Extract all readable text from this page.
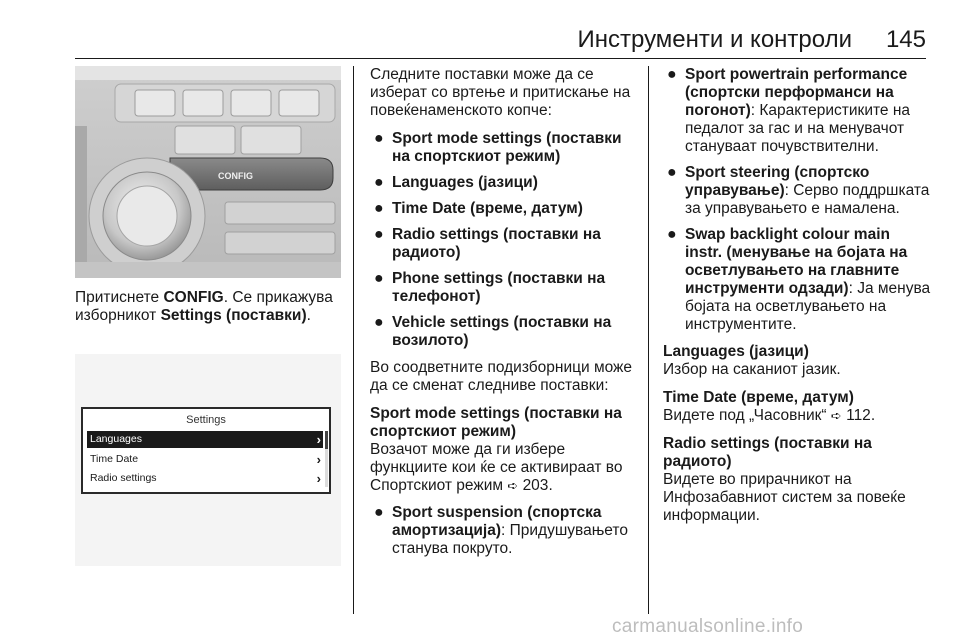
Инструменти и контроли 145
CONFIG
Притиснете CONFIG. Се прикажува изборникот Settings (поставки).
Settings
Languages	›
Time Date	›
Radio settings	›

Следните поставки може да се изберат со вртење и притискање на повеќенаменското копче:

● Sport mode settings (поставки на спортскиот режим)
● Languages (јазици)
● Time Date (време, датум)
● Radio settings (поставки на радиото)
● Phone settings (поставки на телефонот)
● Vehicle settings (поставки на возилото)

Во соодветните подизборници може да се сменат следниве поставки:

Sport mode settings (поставки на спортскиот режим)

Возачот може да ги избере функциите кои ќе се активираат во Спортскиот режим ➪ 203.

● Sport suspension (спортска амортизација): Придушувањето станува покруто.
● Sport powertrain performance (спортски перформанси на погонот): Карактеристиките на педалот за гас и на менувачот стануваат почувствителни.
● Sport steering (спортско управување): Серво поддршката за управувањето е намалена.
● Swap backlight colour main instr. (менување на бојата на осветлувањето на главните инструменти одзади): Ја менува бојата на осветлувањето на инструментите.

Languages (јазици)

Избор на саканиот јазик.

Time Date (време, датум)

Видете под „Часовник“ ➪ 112.

Radio settings (поставки на радиото)

Видете во прирачникот на Инфозабавниот систем за повеќе информации.

carmanualsonline.info
